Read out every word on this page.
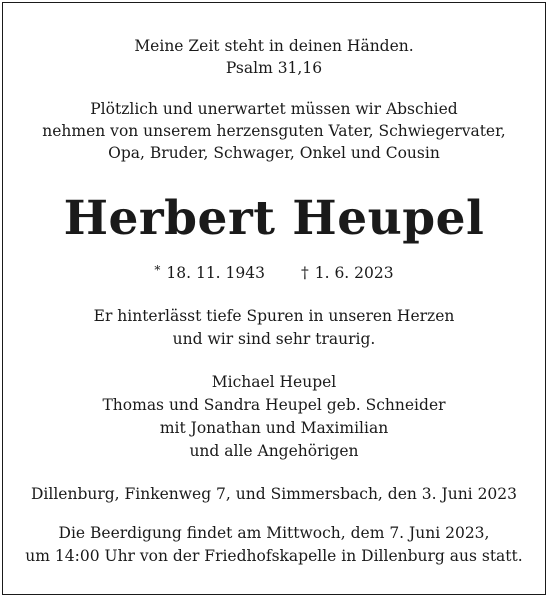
Meine Zeit steht in deinen Händen.

Psalm 31,16

Plötzlich und unerwartet müssen wir Abschied

nehmen von unserem herzensguten Vater, Schwiegervater,

Opa, Bruder, Schwager, Onkel und Cousin

Herbert Heupel
* 18. 11. 1943 † 1. 6. 2023

Er hinterlässt tiefe Spuren in unseren Herzen

und wir sind sehr traurig.

Michael Heupel

Thomas und Sandra Heupel geb. Schneider

mit Jonathan und Maximilian

und alle Angehörigen

Dillenburg, Finkenweg 7, und Simmersbach, den 3. Juni 2023

Die Beerdigung findet am Mittwoch, dem 7. Juni 2023,

um 14:00 Uhr von der Friedhofskapelle in Dillenburg aus statt.
